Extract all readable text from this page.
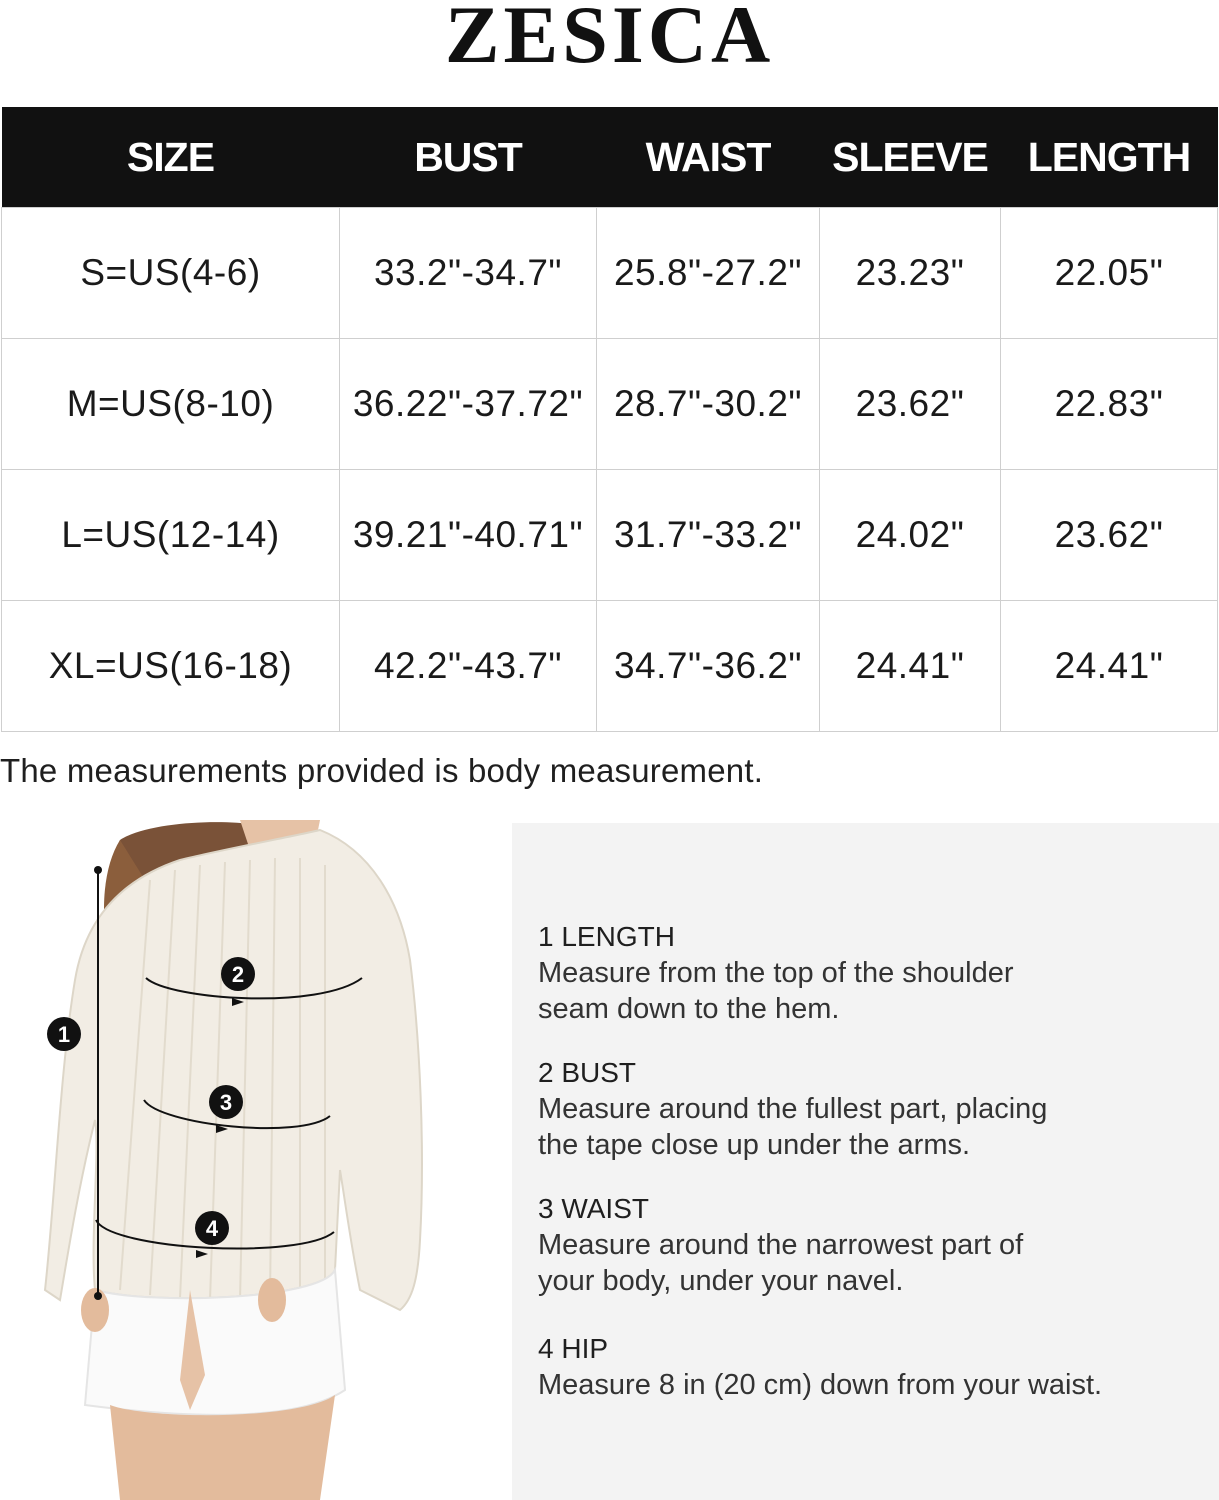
ZESICA
SIZE	BUST	WAIST	SLEEVE	LENGTH
S=US(4-6)	33.2"-34.7"	25.8"-27.2"	23.23"	22.05"
M=US(8-10)	36.22"-37.72"	28.7"-30.2"	23.62"	22.83"
L=US(12-14)	39.21"-40.71"	31.7"-33.2"	24.02"	23.62"
XL=US(16-18)	42.2"-43.7"	34.7"-36.2"	24.41"	24.41"
The measurements provided is body measurement.
1
2
3
4
1 LENGTH
Measure from the top of the shoulder
seam down to the hem.
2 BUST
Measure around the fullest part, placing
the tape close up under the arms.
3 WAIST
Measure around the narrowest part of
your body, under your navel.
4 HIP
Measure 8 in (20 cm) down from your waist.
